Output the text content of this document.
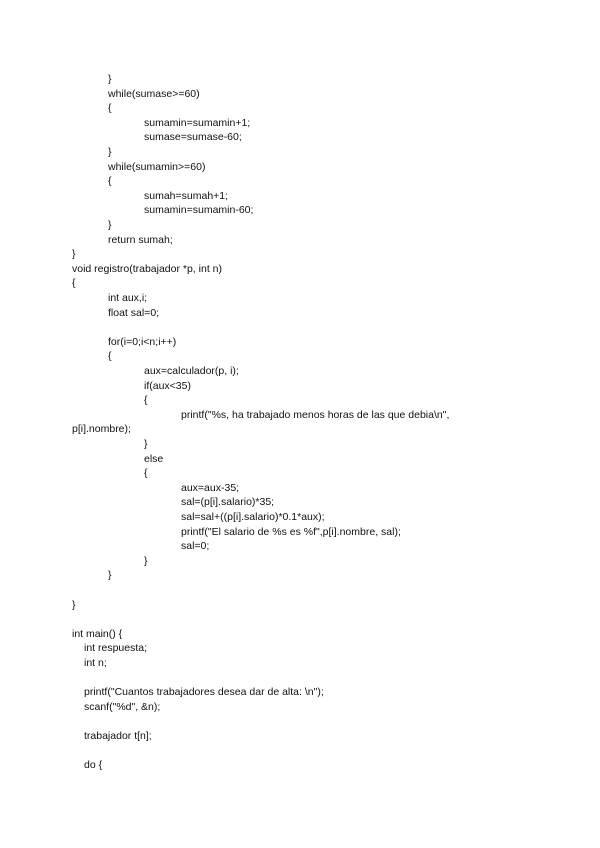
}
while(sumase>=60)
{
sumamin=sumamin+1;
sumase=sumase-60;
}
while(sumamin>=60)
{
sumah=sumah+1;
sumamin=sumamin-60;
}
return sumah;
}
void registro(trabajador *p, int n)
{
int aux,i;
float sal=0;
for(i=0;i<n;i++)
{
aux=calculador(p, i);
if(aux<35)
{
printf("%s, ha trabajado menos horas de las que debia\n",
p[i].nombre);
}
else
{
aux=aux-35;
sal=(p[i].salario)*35;
sal=sal+((p[i].salario)*0.1*aux);
printf("El salario de %s es %f",p[i].nombre, sal);
sal=0;
}
}
}
int main() {
int respuesta;
int n;
printf("Cuantos trabajadores desea dar de alta: \n");
scanf("%d", &n);
trabajador t[n];
do {
